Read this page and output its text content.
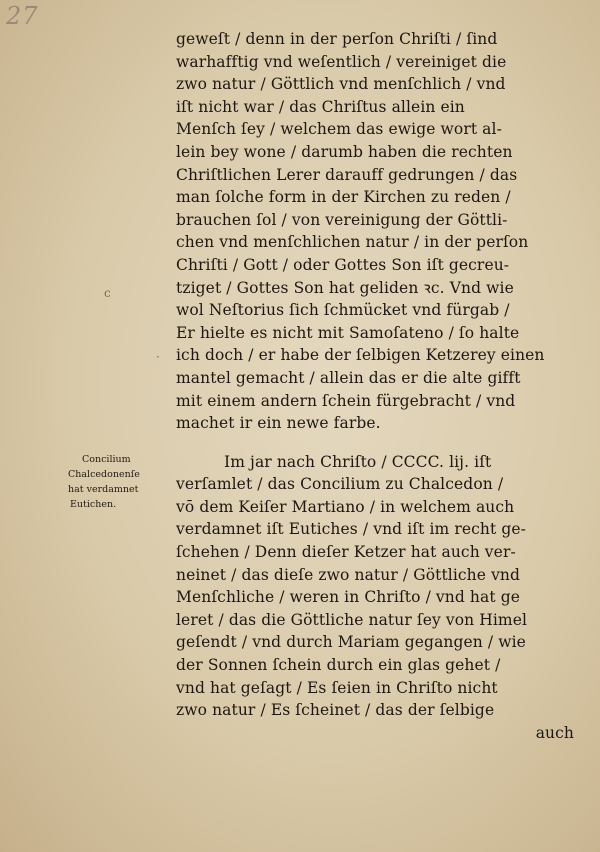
27
c
·
geweſt / denn in der perſon Chriſti / ſind
warhafftig vnd weſentlich / vereiniget die
zwo natur / Göttlich vnd menſchlich / vnd
iſt nicht war / das Chriſtus allein ein
Menſch ſey / welchem das ewige wort al‑
lein bey wone / darumb haben die rechten
Chriſtlichen Lerer darauff gedrungen / das
man ſolche form in der Kirchen zu reden /
brauchen ſol / von vereinigung der Göttli‑
chen vnd menſchlichen natur / in der perſon
Chriſti / Gott / oder Gottes Son iſt gecreu‑
tziget / Gottes Son hat geliden ꝛc. Vnd wie
wol Neſtorius ſich ſchmücket vnd fürgab /
Er hielte es nicht mit Samoſateno / ſo halte
ich doch / er habe der ſelbigen Ketzerey einen
mantel gemacht / allein das er die alte gifft
mit einem andern ſchein fürgebracht / vnd
machet ir ein newe farbe.
Im jar nach Chriſto / CCCC. lij. iſt
verſamlet / das Concilium zu Chalcedon /
vō dem Keiſer Martiano / in welchem auch
verdamnet iſt Eutiches / vnd iſt im recht ge‑
ſchehen / Denn dieſer Ketzer hat auch ver‑
neinet / das dieſe zwo natur / Göttliche vnd
Menſchliche / weren in Chriſto / vnd hat ge
leret / das die Göttliche natur ſey von Himel
geſendt / vnd durch Mariam gegangen / wie
der Sonnen ſchein durch ein glas gehet /
vnd hat geſagt / Es ſeien in Chriſto nicht
zwo natur / Es ſcheinet / das der ſelbige
auch
Concilium
Chalcedonenſe
hat verdamnet
Eutichen.
